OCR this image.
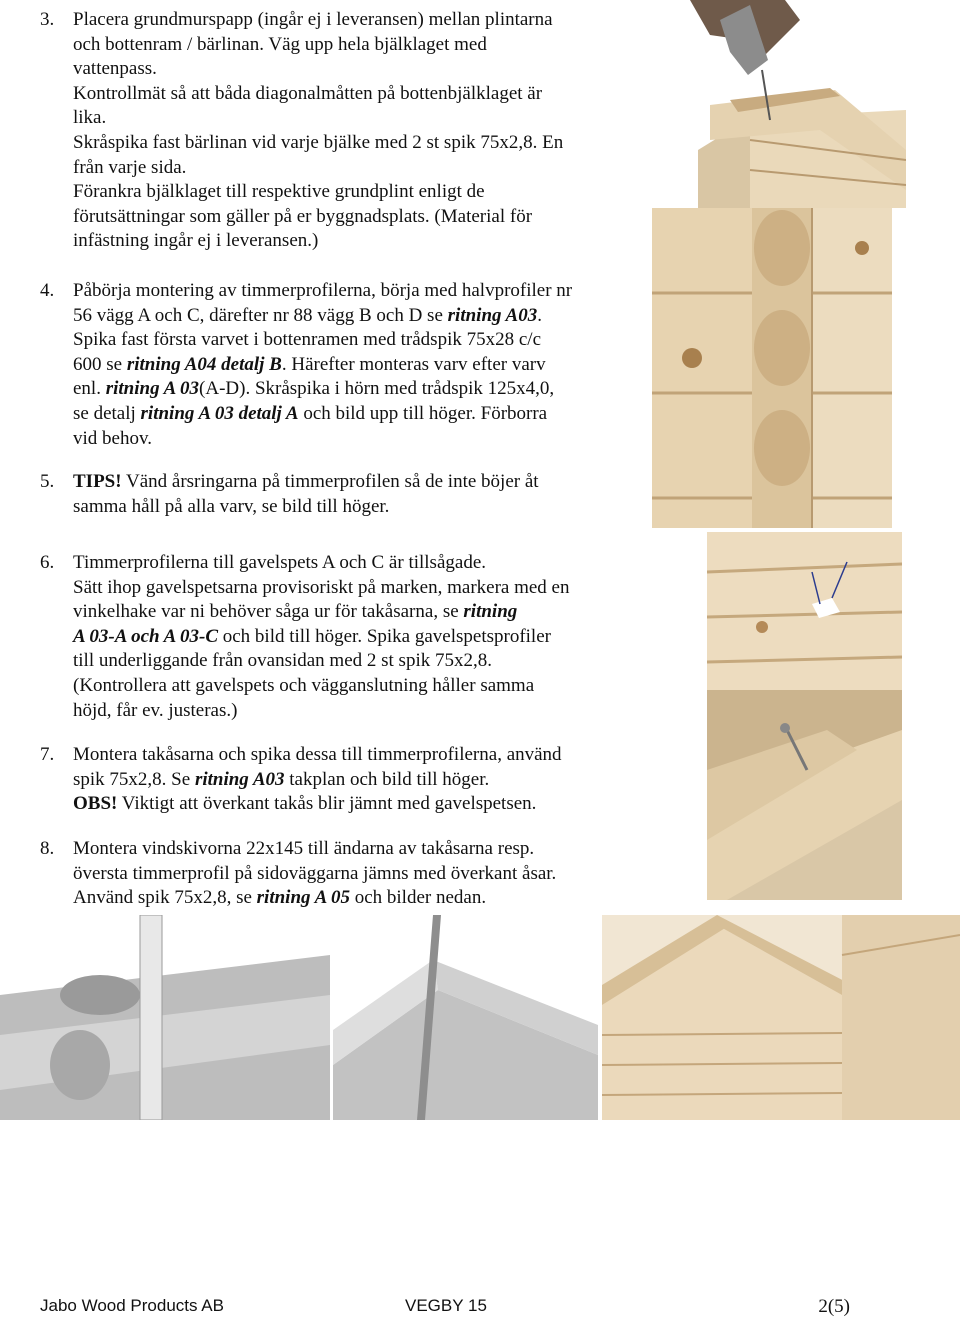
3. Placera grundmurspapp (ingår ej i leveransen) mellan plintarna
och bottenram / bärlinan. Väg upp hela bjälklaget med
vattenpass.
Kontrollmät så att båda diagonalmåtten på bottenbjälklaget är
lika.
Skråspika fast bärlinan vid varje bjälke med 2 st spik 75x2,8. En
från varje sida.
Förankra bjälklaget till respektive grundplint enligt de
förutsättningar som gäller på er byggnadsplats. (Material för
infästning ingår ej i leveransen.)
4. Påbörja montering av timmerprofilerna, börja med halvprofiler nr
56 vägg A och C, därefter nr 88 vägg B och D se ritning A03.
Spika fast första varvet i bottenramen med trådspik 75x28 c/c
600 se ritning A04 detalj B. Härefter monteras varv efter varv
enl. ritning A 03(A-D). Skråspika i hörn med trådspik 125x4,0,
se detalj ritning A 03 detalj A och bild upp till höger. Förborra
vid behov.
5. TIPS! Vänd årsringarna på timmerprofilen så de inte böjer åt
samma håll på alla varv, se bild till höger.
6. Timmerprofilerna till gavelspets A och C är tillsågade.
Sätt ihop gavelspetsarna provisoriskt på marken, markera med en
vinkelhake var ni behöver såga ur för takåsarna, se ritning
A 03-A och A 03-C och bild till höger. Spika gavelspetsprofiler
till underliggande från ovansidan med 2 st spik 75x2,8.
(Kontrollera att gavelspets och vägganslutning håller samma
höjd, får ev. justeras.)
7. Montera takåsarna och spika dessa till timmerprofilerna, använd
spik 75x2,8. Se ritning A03 takplan och bild till höger.
OBS! Viktigt att överkant takås blir jämnt med gavelspetsen.
8. Montera vindskivorna 22x145 till ändarna av takåsarna resp.
översta timmerprofil på sidoväggarna jämns med överkant åsar.
Använd spik 75x2,8, se ritning A 05 och bilder nedan.
Jabo Wood Products AB	VEGBY 15	2(5)
